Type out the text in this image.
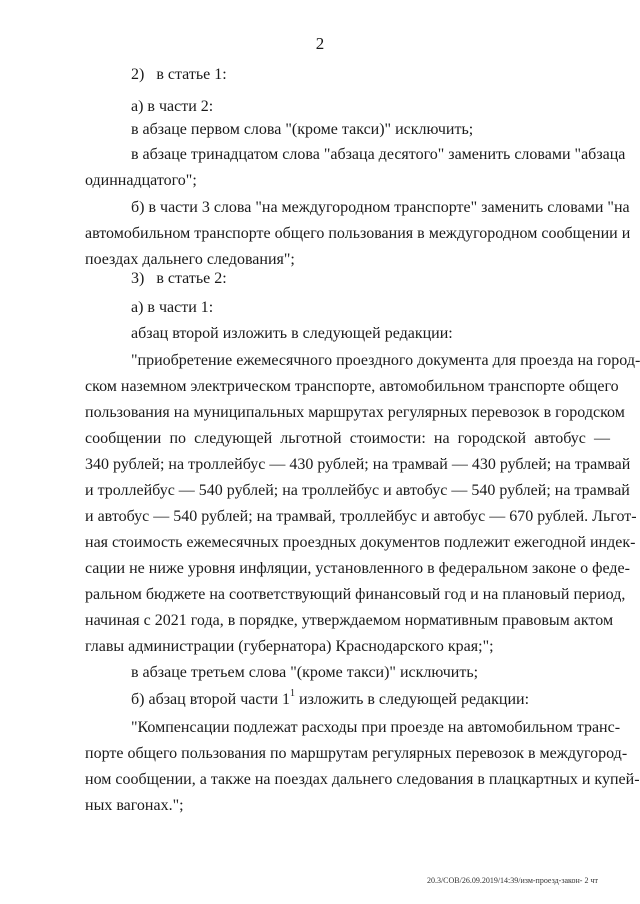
2
2)   в статье 1:
а) в части 2:
в абзаце первом слова "(кроме такси)" исключить;
в абзаце тринадцатом слова "абзаца десятого" заменить словами "абзаца
одиннадцатого";
б) в части 3 слова "на междугородном транспорте" заменить словами "на
автомобильном транспорте общего пользования в междугородном сообщении и
поездах дальнего следования";
3)   в статье 2:
а) в части 1:
абзац второй изложить в следующей редакции:
"приобретение ежемесячного проездного документа для проезда на город-
ском наземном электрическом транспорте, автомобильном транспорте общего
пользования на муниципальных маршрутах регулярных перевозок в городском
сообщении по следующей льготной стоимости: на городской автобус —
340 рублей; на троллейбус — 430 рублей; на трамвай — 430 рублей; на трамвай
и троллейбус — 540 рублей; на троллейбус и автобус — 540 рублей; на трамвай
и автобус — 540 рублей; на трамвай, троллейбус и автобус — 670 рублей. Льгот-
ная стоимость ежемесячных проездных документов подлежит ежегодной индек-
сации не ниже уровня инфляции, установленного в федеральном законе о феде-
ральном бюджете на соответствующий финансовый год и на плановый период,
начиная с 2021 года, в порядке, утверждаемом нормативным правовым актом
главы администрации (губернатора) Краснодарского края;";
в абзаце третьем слова "(кроме такси)" исключить;
б) абзац второй части $1^1$ изложить в следующей редакции:
"Компенсации подлежат расходы при проезде на автомобильном транс-
порте общего пользования по маршрутам регулярных перевозок в междугород-
ном сообщении, а также на поездах дальнего следования в плацкартных и купей-
ных вагонах.";
20.3/СОВ/26.09.2019/14:39/изм-проезд-закон- 2 чт
